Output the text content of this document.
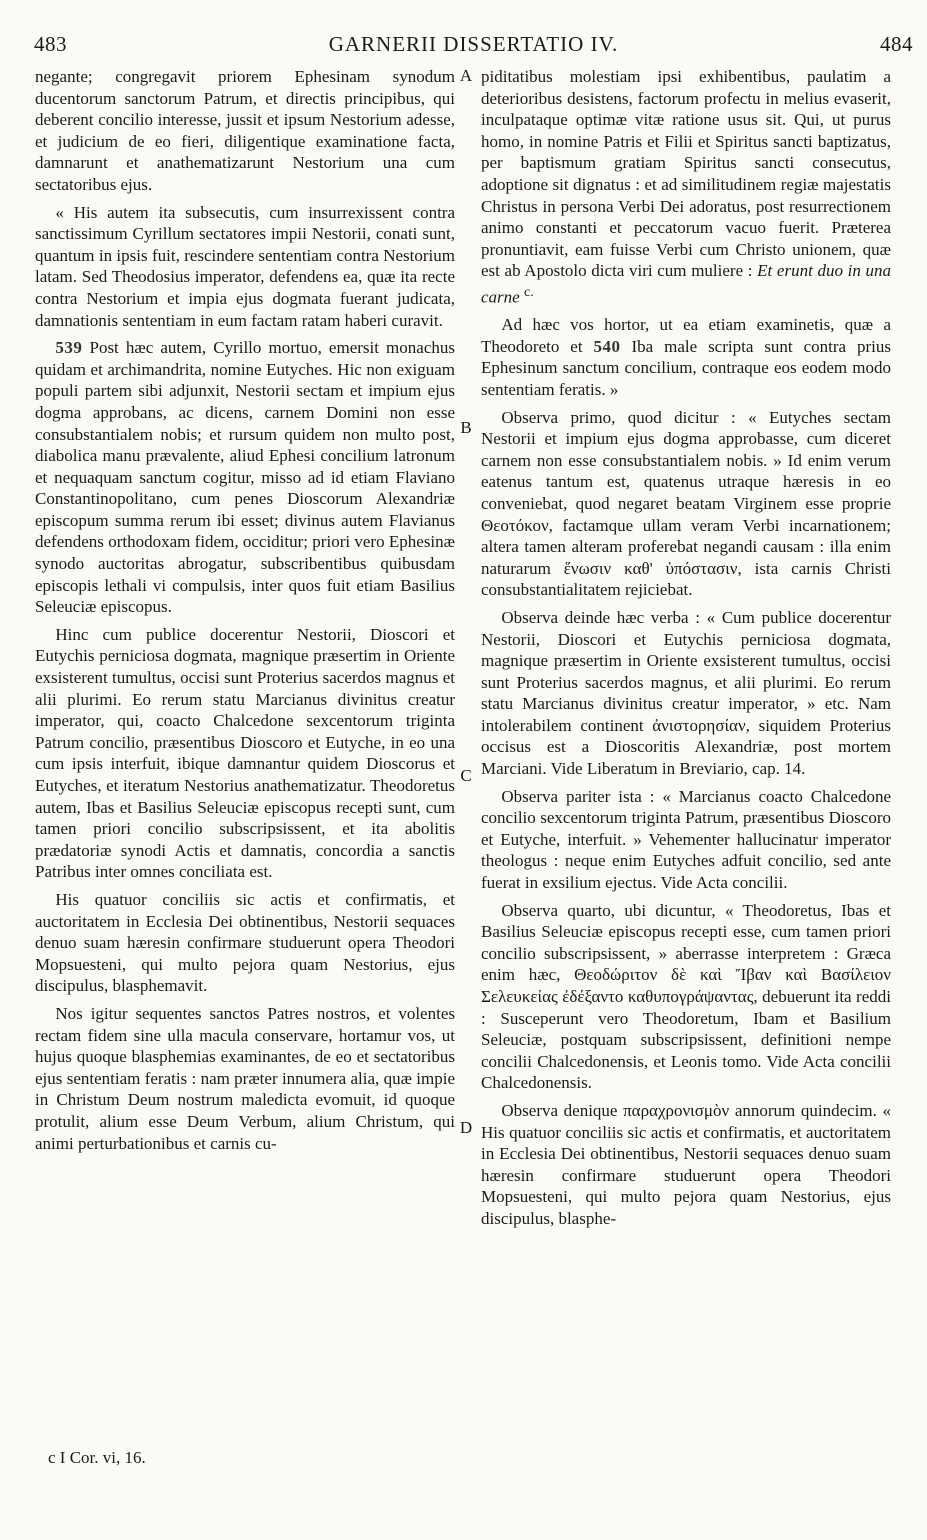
483	GARNERII DISSERTATIO IV.	484

negante; congregavit priorem Ephesinam synodum ducentorum sanctorum Patrum, et directis principibus, qui deberent concilio interesse, jussit et ipsum Nestorium adesse, et judicium de eo fieri, diligentique examinatione facta, damnarunt et anathematizarunt Nestorium una cum sectatoribus ejus.

« His autem ita subsecutis, cum insurrexissent contra sanctissimum Cyrillum sectatores impii Nestorii, conati sunt, quantum in ipsis fuit, rescindere sententiam contra Nestorium latam. Sed Theodosius imperator, defendens ea, quæ ita recte contra Nestorium et impia ejus dogmata fuerant judicata, damnationis sententiam in eum factam ratam haberi curavit.

539 Post hæc autem, Cyrillo mortuo, emersit monachus quidam et archimandrita, nomine Eutyches. Hic non exiguam populi partem sibi adjunxit, Nestorii sectam et impium ejus dogma approbans, ac dicens, carnem Domini non esse consubstantialem nobis; et rursum quidem non multo post, diabolica manu prævalente, aliud Ephesi concilium latronum et nequaquam sanctum cogitur, misso ad id etiam Flaviano Constantinopolitano, cum penes Dioscorum Alexandriæ episcopum summa rerum ibi esset; divinus autem Flavianus defendens orthodoxam fidem, occiditur; priori vero Ephesinæ synodo auctoritas abrogatur, subscribentibus quibusdam episcopis lethali vi compulsis, inter quos fuit etiam Basilius Seleuciæ episcopus.

Hinc cum publice docerentur Nestorii, Dioscori et Eutychis perniciosa dogmata, magnique præsertim in Oriente exsisterent tumultus, occisi sunt Proterius sacerdos magnus et alii plurimi. Eo rerum statu Marcianus divinitus creatur imperator, qui, coacto Chalcedone sexcentorum triginta Patrum concilio, præsentibus Dioscoro et Eutyche, in eo una cum ipsis interfuit, ibique damnantur quidem Dioscorus et Eutyches, et iteratum Nestorius anathematizatur. Theodoretus autem, Ibas et Basilius Seleuciæ episcopus recepti sunt, cum tamen priori concilio subscripsissent, et ita abolitis prædatoriæ synodi Actis et damnatis, concordia a sanctis Patribus inter omnes conciliata est.

His quatuor conciliis sic actis et confirmatis, et auctoritatem in Ecclesia Dei obtinentibus, Nestorii sequaces denuo suam hæresin confirmare studuerunt opera Theodori Mopsuesteni, qui multo pejora quam Nestorius, ejus discipulus, blasphemavit.

Nos igitur sequentes sanctos Patres nostros, et volentes rectam fidem sine ulla macula conservare, hortamur vos, ut hujus quoque blasphemias examinantes, de eo et sectatoribus ejus sententiam feratis : nam præter innumera alia, quæ impie in Christum Deum nostrum maledicta evomuit, id quoque protulit, alium esse Deum Verbum, alium Christum, qui animi perturbationibus et carnis cu-

A
B
C
D

piditatibus molestiam ipsi exhibentibus, paulatim a deterioribus desistens, factorum profectu in melius evaserit, inculpataque optimæ vitæ ratione usus sit. Qui, ut purus homo, in nomine Patris et Filii et Spiritus sancti baptizatus, per baptismum gratiam Spiritus sancti consecutus, adoptione sit dignatus : et ad similitudinem regiæ majestatis Christus in persona Verbi Dei adoratus, post resurrectionem animo constanti et peccatorum vacuo fuerit. Præterea pronuntiavit, eam fuisse Verbi cum Christo unionem, quæ est ab Apostolo dicta viri cum muliere : Et erunt duo in una carne $^{c.}$

Ad hæc vos hortor, ut ea etiam examinetis, quæ a Theodoreto et 540 Iba male scripta sunt contra prius Ephesinum sanctum concilium, contraque eos eodem modo sententiam feratis. »

Observa primo, quod dicitur : « Eutyches sectam Nestorii et impium ejus dogma approbasse, cum diceret carnem non esse consubstantialem nobis. » Id enim verum eatenus tantum est, quatenus utraque hæresis in eo conveniebat, quod negaret beatam Virginem esse proprie Θεοτόκον, factamque ullam veram Verbi incarnationem; altera tamen alteram proferebat negandi causam : illa enim naturarum ἕνωσιν καθ' ὑπόστασιν, ista carnis Christi consubstantialitatem rejiciebat.

Observa deinde hæc verba : « Cum publice docerentur Nestorii, Dioscori et Eutychis perniciosa dogmata, magnique præsertim in Oriente exsisterent tumultus, occisi sunt Proterius sacerdos magnus, et alii plurimi. Eo rerum statu Marcianus divinitus creatur imperator, » etc. Nam intolerabilem continent ἀνιστορησίαν, siquidem Proterius occisus est a Dioscoritis Alexandriæ, post mortem Marciani. Vide Liberatum in Breviario, cap. 14.

Observa pariter ista : « Marcianus coacto Chalcedone concilio sexcentorum triginta Patrum, præsentibus Dioscoro et Eutyche, interfuit. » Vehementer hallucinatur imperator theologus : neque enim Eutyches adfuit concilio, sed ante fuerat in exsilium ejectus. Vide Acta concilii.

Observa quarto, ubi dicuntur, « Theodoretus, Ibas et Basilius Seleuciæ episcopus recepti esse, cum tamen priori concilio subscripsissent, » aberrasse interpretem : Græca enim hæc, Θεοδώριτον δὲ καὶ Ἴβαν καὶ Βασίλειον Σελευκείας ἐδέξαντο καθυπογράψαντας, debuerunt ita reddi : Susceperunt vero Theodoretum, Ibam et Basilium Seleuciæ, postquam subscripsissent, definitioni nempe concilii Chalcedonensis, et Leonis tomo. Vide Acta concilii Chalcedonensis.

Observa denique παραχρονισμὸν annorum quindecim. « His quatuor conciliis sic actis et confirmatis, et auctoritatem in Ecclesia Dei obtinentibus, Nestorii sequaces denuo suam hæresin confirmare studuerunt opera Theodori Mopsuesteni, qui multo pejora quam Nestorius, ejus discipulus, blasphe-

c I Cor. vi, 16.
